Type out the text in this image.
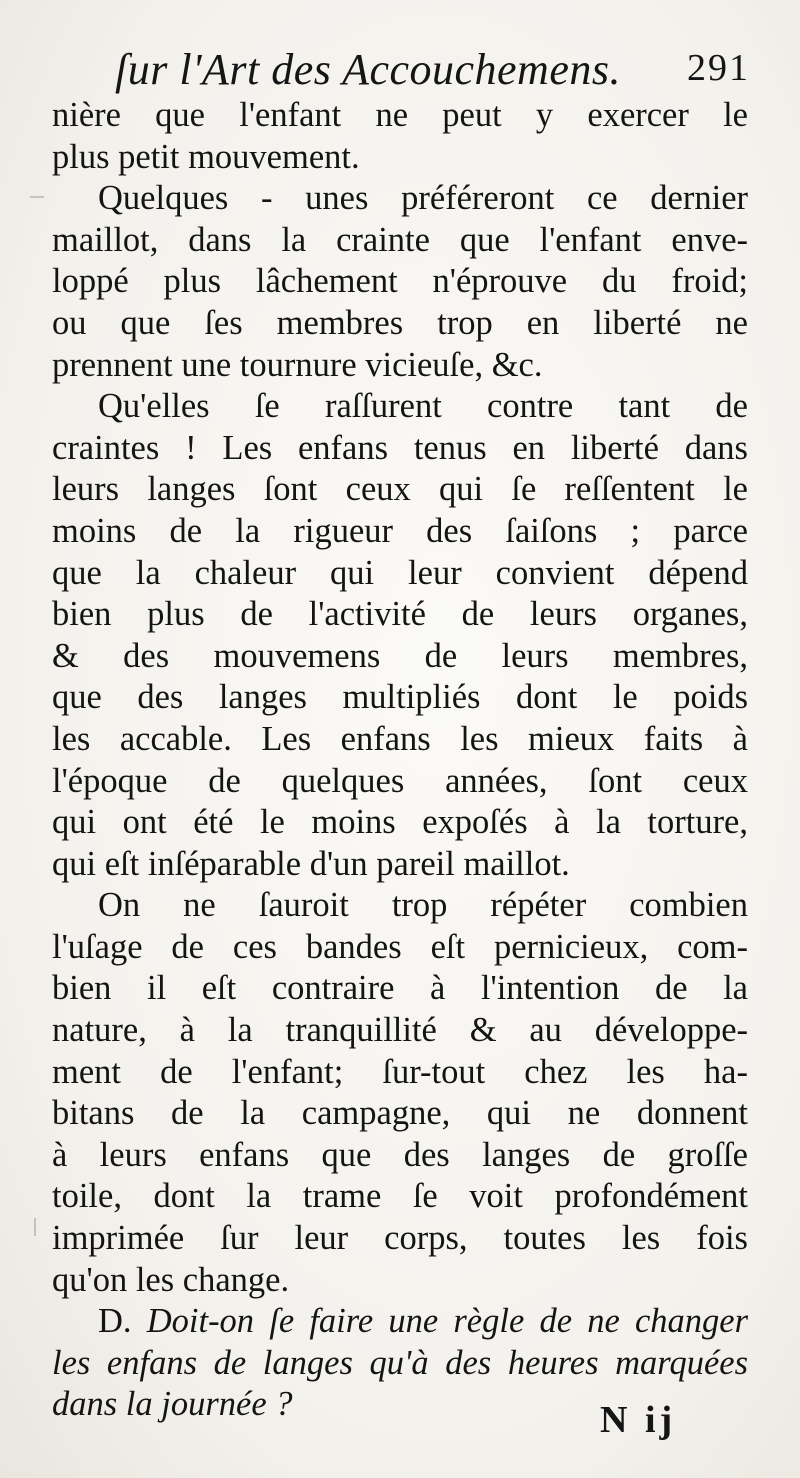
ſur l'Art des Accouchemens. 291
nière que l'enfant ne peut y exercer le
plus petit mouvement.
Quelques - unes préféreront ce dernier
maillot, dans la crainte que l'enfant enve-
loppé plus lâchement n'éprouve du froid;
ou que ſes membres trop en liberté ne
prennent une tournure vicieuſe, &c.
Qu'elles ſe raſſurent contre tant de
craintes ! Les enfans tenus en liberté dans
leurs langes ſont ceux qui ſe reſſentent le
moins de la rigueur des ſaiſons ; parce
que la chaleur qui leur convient dépend
bien plus de l'activité de leurs organes,
& des mouvemens de leurs membres,
que des langes multipliés dont le poids
les accable. Les enfans les mieux faits à
l'époque de quelques années, ſont ceux
qui ont été le moins expoſés à la torture,
qui eſt inſéparable d'un pareil maillot.
On ne ſauroit trop répéter combien
l'uſage de ces bandes eſt pernicieux, com-
bien il eſt contraire à l'intention de la
nature, à la tranquillité & au développe-
ment de l'enfant; ſur-tout chez les ha-
bitans de la campagne, qui ne donnent
à leurs enfans que des langes de groſſe
toile, dont la trame ſe voit profondément
imprimée ſur leur corps, toutes les fois
qu'on les change.
D. Doit-on ſe faire une règle de ne changer
les enfans de langes qu'à des heures marquées
dans la journée ?	N ij
